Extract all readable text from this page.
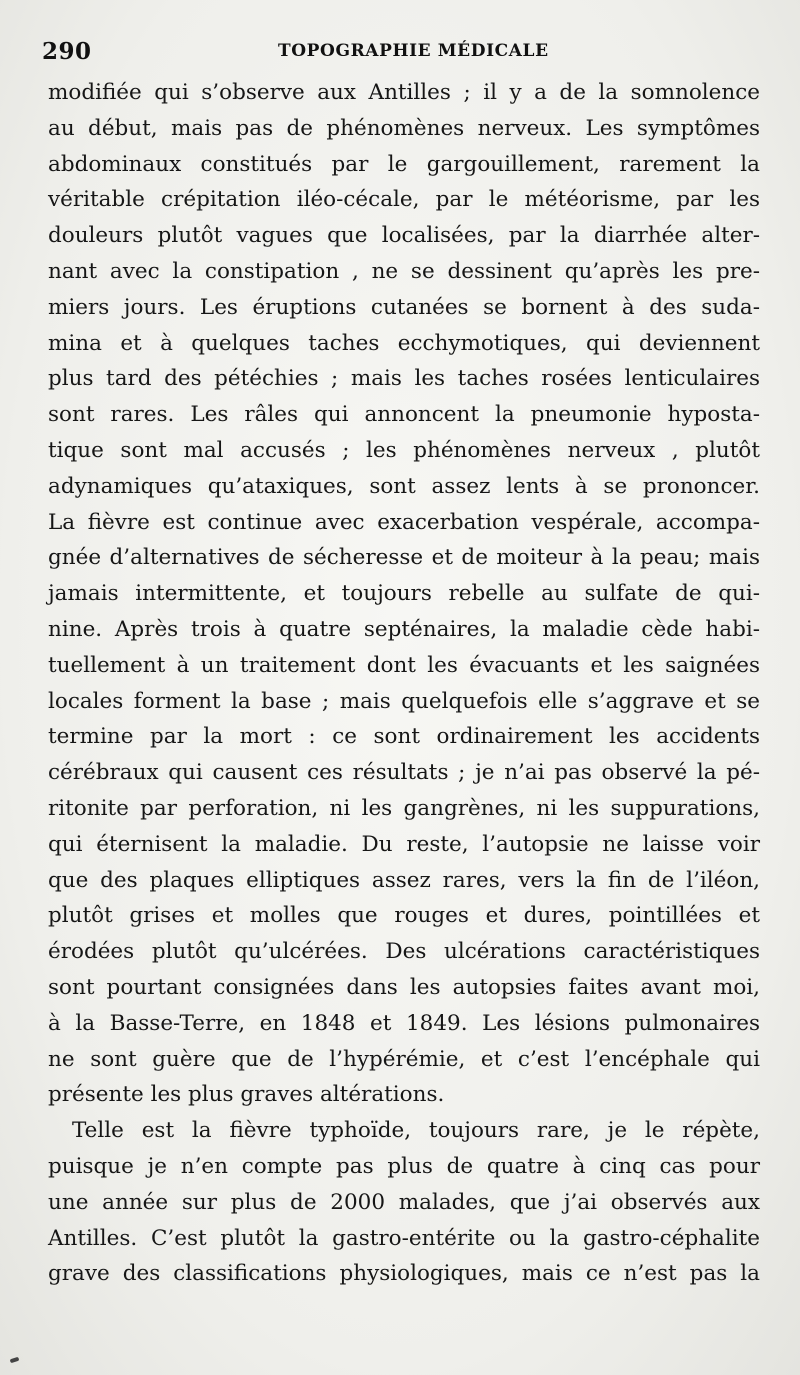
290	TOPOGRAPHIE MÉDICALE
modifiée qui s’observe aux Antilles ; il y a de la somnolence
au début, mais pas de phénomènes nerveux. Les symptômes
abdominaux constitués par le gargouillement, rarement la
véritable crépitation iléo-cécale, par le météorisme, par les
douleurs plutôt vagues que localisées, par la diarrhée alter-
nant avec la constipation , ne se dessinent qu’après les pre-
miers jours. Les éruptions cutanées se bornent à des suda-
mina et à quelques taches ecchymotiques, qui deviennent
plus tard des pétéchies ; mais les taches rosées lenticulaires
sont rares. Les râles qui annoncent la pneumonie hyposta-
tique sont mal accusés ; les phénomènes nerveux , plutôt
adynamiques qu’ataxiques, sont assez lents à se prononcer.
La fièvre est continue avec exacerbation vespérale, accompa-
gnée d’alternatives de sécheresse et de moiteur à la peau; mais
jamais intermittente, et toujours rebelle au sulfate de qui-
nine. Après trois à quatre septénaires, la maladie cède habi-
tuellement à un traitement dont les évacuants et les saignées
locales forment la base ; mais quelquefois elle s’aggrave et se
termine par la mort : ce sont ordinairement les accidents
cérébraux qui causent ces résultats ; je n’ai pas observé la pé-
ritonite par perforation, ni les gangrènes, ni les suppurations,
qui éternisent la maladie. Du reste, l’autopsie ne laisse voir
que des plaques elliptiques assez rares, vers la fin de l’iléon,
plutôt grises et molles que rouges et dures, pointillées et
érodées plutôt qu’ulcérées. Des ulcérations caractéristiques
sont pourtant consignées dans les autopsies faites avant moi,
à la Basse-Terre, en 1848 et 1849. Les lésions pulmonaires
ne sont guère que de l’hypérémie, et c’est l’encéphale qui
présente les plus graves altérations.
Telle est la fièvre typhoïde, toujours rare, je le répète,
puisque je n’en compte pas plus de quatre à cinq cas pour
une année sur plus de 2000 malades, que j’ai observés aux
Antilles. C’est plutôt la gastro-entérite ou la gastro-céphalite
grave des classifications physiologiques, mais ce n’est pas la
